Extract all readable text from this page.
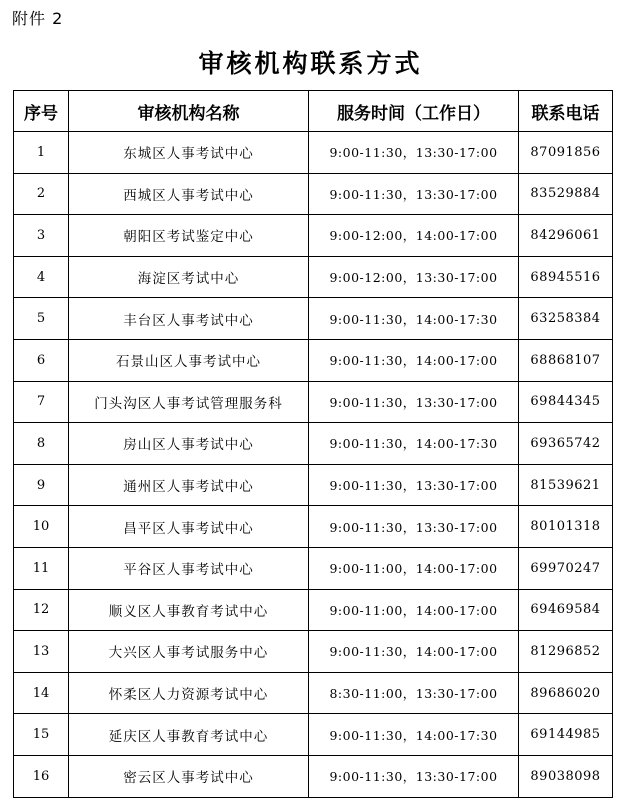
附件 2
审核机构联系方式
序号	审核机构名称	服务时间（工作日）	联系电话
1	东城区人事考试中心	9:00-11:30，13:30-17:00	87091856
2	西城区人事考试中心	9:00-11:30，13:30-17:00	83529884
3	朝阳区考试鉴定中心	9:00-12:00，14:00-17:00	84296061
4	海淀区考试中心	9:00-12:00，13:30-17:00	68945516
5	丰台区人事考试中心	9:00-11:30，14:00-17:30	63258384
6	石景山区人事考试中心	9:00-11:30，14:00-17:00	68868107
7	门头沟区人事考试管理服务科	9:00-11:30，13:30-17:00	69844345
8	房山区人事考试中心	9:00-11:30，14:00-17:30	69365742
9	通州区人事考试中心	9:00-11:30，13:30-17:00	81539621
10	昌平区人事考试中心	9:00-11:30，13:30-17:00	80101318
11	平谷区人事考试中心	9:00-11:00，14:00-17:00	69970247
12	顺义区人事教育考试中心	9:00-11:00，14:00-17:00	69469584
13	大兴区人事考试服务中心	9:00-11:30，14:00-17:00	81296852
14	怀柔区人力资源考试中心	8:30-11:00，13:30-17:00	89686020
15	延庆区人事教育考试中心	9:00-11:30，14:00-17:30	69144985
16	密云区人事考试中心	9:00-11:30，13:30-17:00	89038098
